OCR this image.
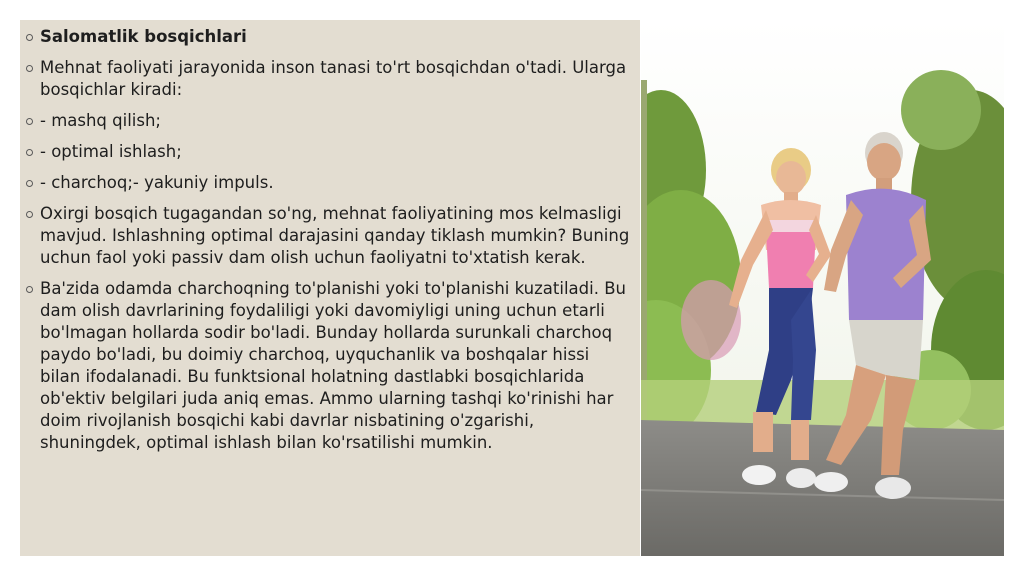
Salomatlik bosqichlari
Mehnat faoliyati jarayonida inson tanasi to'rt bosqichdan o'tadi. Ularga bosqichlar kiradi:
- mashq qilish;
- optimal ishlash;
- charchoq;- yakuniy impuls.
Oxirgi bosqich tugagandan so'ng, mehnat faoliyatining mos kelmasligi mavjud. Ishlashning optimal darajasini qanday tiklash mumkin? Buning uchun faol yoki passiv dam olish uchun faoliyatni to'xtatish kerak.
Ba'zida odamda charchoqning to'planishi yoki to'planishi kuzatiladi. Bu dam olish davrlarining foydaliligi yoki davomiyligi uning uchun etarli bo'lmagan hollarda sodir bo'ladi. Bunday hollarda surunkali charchoq paydo bo'ladi, bu doimiy charchoq, uyquchanlik va boshqalar hissi bilan ifodalanadi. Bu funktsional holatning dastlabki bosqichlarida ob'ektiv belgilari juda aniq emas. Ammo ularning tashqi ko'rinishi har doim rivojlanish bosqichi kabi davrlar nisbatining o'zgarishi, shuningdek, optimal ishlash bilan ko'rsatilishi mumkin.
